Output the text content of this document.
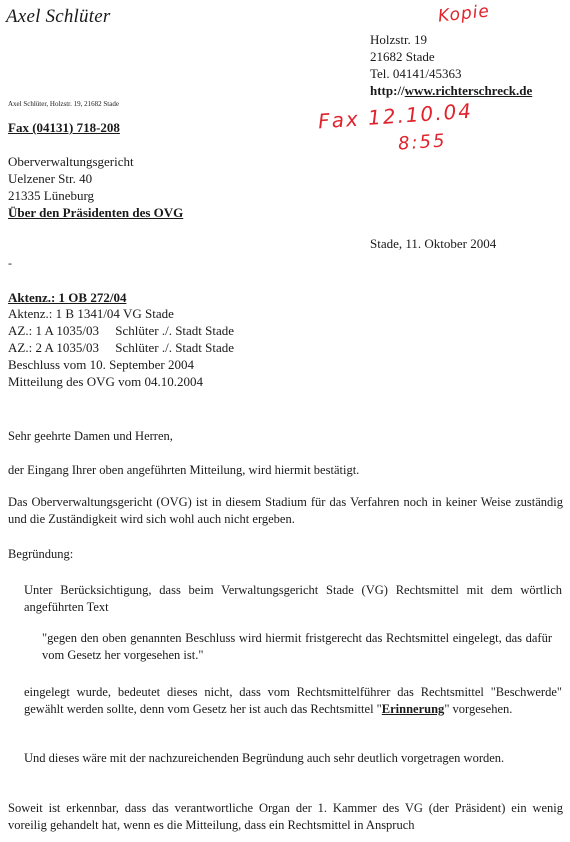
Axel Schlüter
Holzstr. 19
21682 Stade
Tel. 04141/45363
http://www.richterschreck.de
Kopie
Fax 12.10.04
8:55
Axel Schlüter, Holzstr. 19, 21682 Stade
Fax (04131) 718-208
Oberverwaltungsgericht
Uelzener Str. 40
21335 Lüneburg
Über den Präsidenten des OVG
Stade, 11. Oktober 2004
-
Aktenz.: 1 OB 272/04
Aktenz.: 1 B 1341/04 VG Stade
AZ.: 1 A 1035/03     Schlüter ./. Stadt Stade
AZ.: 2 A 1035/03     Schlüter ./. Stadt Stade
Beschluss vom 10. September 2004
Mitteilung des OVG vom 04.10.2004
Sehr geehrte Damen und Herren,
der Eingang Ihrer oben angeführten Mitteilung, wird hiermit bestätigt.
Das Oberverwaltungsgericht (OVG) ist in diesem Stadium für das Verfahren noch in keiner Weise zuständig und die Zuständigkeit wird sich wohl auch nicht ergeben.
Begründung:
Unter Berücksichtigung, dass beim Verwaltungsgericht Stade (VG) Rechtsmittel mit dem wörtlich angeführten Text
"gegen den oben genannten Beschluss wird hiermit fristgerecht das Rechtsmittel eingelegt, das dafür vom Gesetz her vorgesehen ist."
eingelegt wurde, bedeutet dieses nicht, dass vom Rechtsmittelführer das Rechtsmittel "Beschwerde" gewählt werden sollte, denn vom Gesetz her ist auch das Rechtsmittel "Erinnerung" vorgesehen.
Und dieses wäre mit der nachzureichenden Begründung auch sehr deutlich vorgetragen worden.
Soweit ist erkennbar, dass das verantwortliche Organ der 1. Kammer des VG (der Präsident) ein wenig voreilig gehandelt hat, wenn es die Mitteilung, dass ein Rechtsmittel in Anspruch
